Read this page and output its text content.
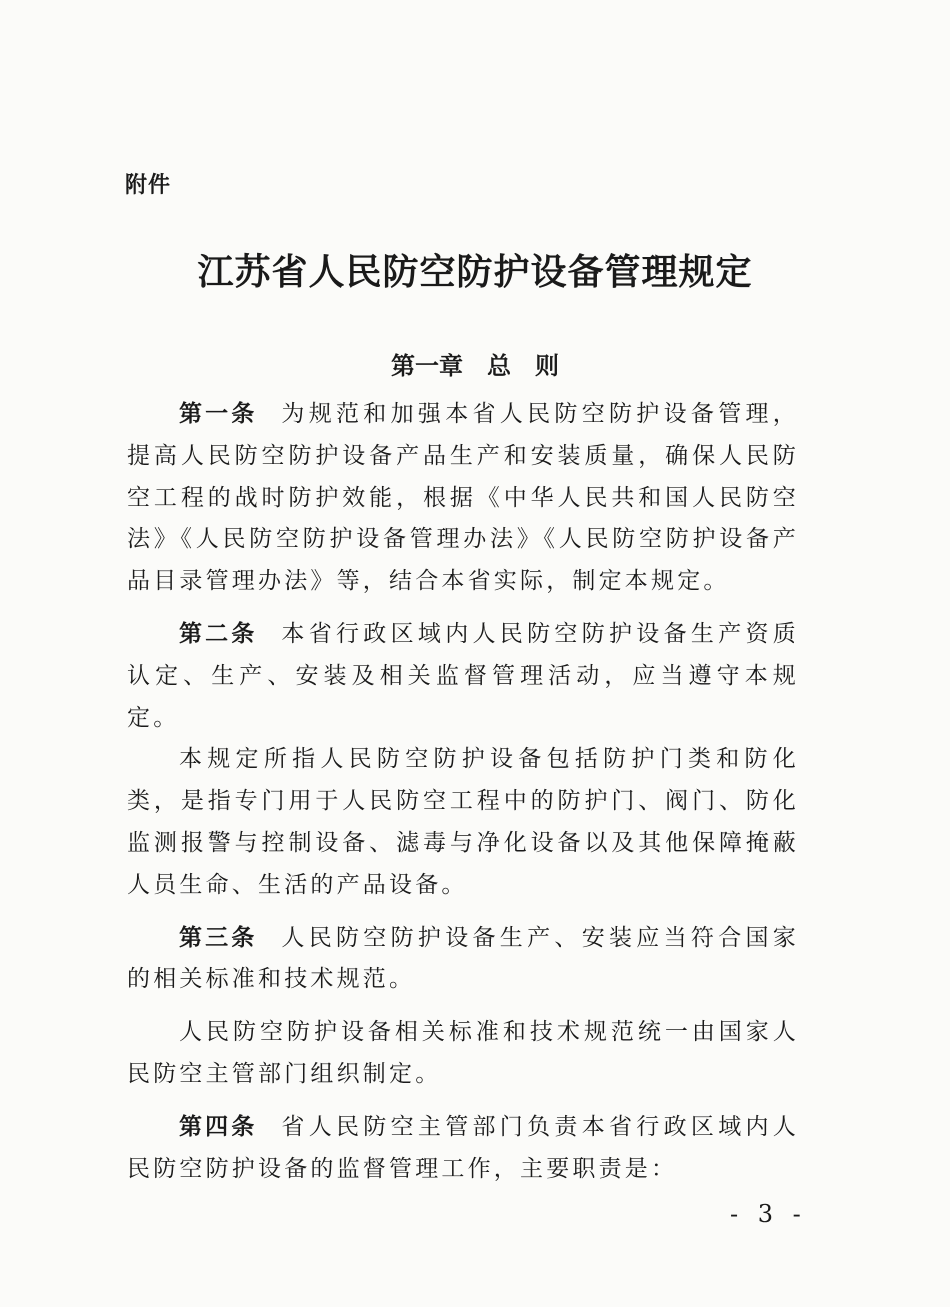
附件
江苏省人民防空防护设备管理规定
第一章 总　则

第一条 为规范和加强本省人民防空防护设备管理，提高人民防空防护设备产品生产和安装质量，确保人民防空工程的战时防护效能，根据《中华人民共和国人民防空法》《人民防空防护设备管理办法》《人民防空防护设备产品目录管理办法》等，结合本省实际，制定本规定。

第二条 本省行政区域内人民防空防护设备生产资质认定、生产、安装及相关监督管理活动，应当遵守本规定。

本规定所指人民防空防护设备包括防护门类和防化类，是指专门用于人民防空工程中的防护门、阀门、防化监测报警与控制设备、滤毒与净化设备以及其他保障掩蔽人员生命、生活的产品设备。

第三条 人民防空防护设备生产、安装应当符合国家的相关标准和技术规范。

人民防空防护设备相关标准和技术规范统一由国家人民防空主管部门组织制定。

第四条 省人民防空主管部门负责本省行政区域内人民防空防护设备的监督管理工作，主要职责是：

- 3 -
